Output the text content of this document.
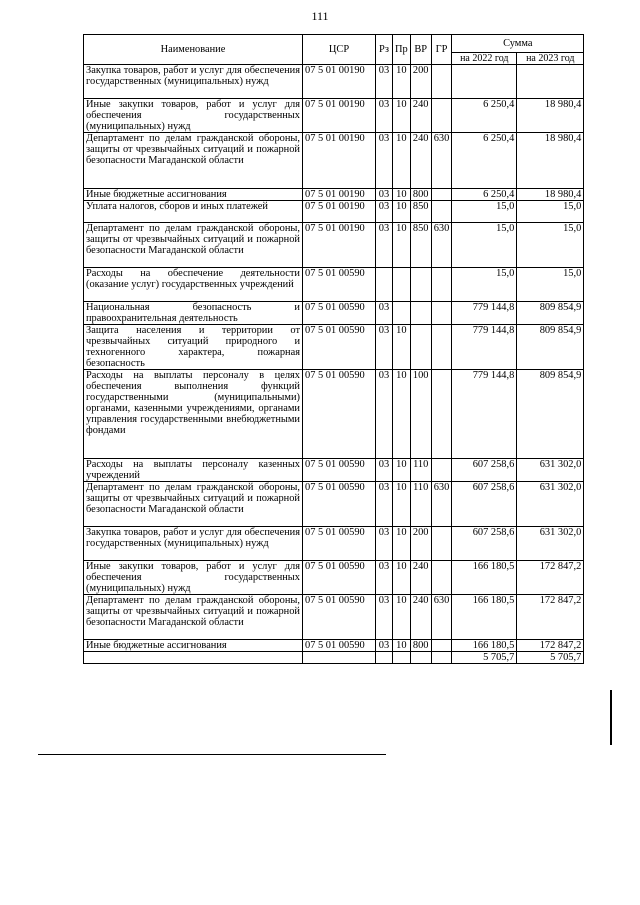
111
Наименование	ЦСР	Рз	Пр	ВР	ГР	Сумма	
						на 2022 год	на 2023 год
Закупка товаров, работ и услуг для обеспечения государственных (муниципальных) нужд	07 5 01 00190	03	10	200			
Иные закупки товаров, работ и услуг для обеспечения государственных (муниципальных) нужд	07 5 01 00190	03	10	240		6 250,4	18 980,4
Департамент по делам гражданской обороны, защиты от чрезвычайных ситуаций и пожарной безопасности Магаданской области	07 5 01 00190	03	10	240	630	6 250,4	18 980,4
Иные бюджетные ассигнования	07 5 01 00190	03	10	800		6 250,4	18 980,4
Уплата налогов, сборов и иных платежей	07 5 01 00190	03	10	850		15,0	15,0
Департамент по делам гражданской обороны, защиты от чрезвычайных ситуаций и пожарной безопасности Магаданской области	07 5 01 00190	03	10	850	630	15,0	15,0
Расходы на обеспечение деятельности (оказание услуг) государственных учреждений	07 5 01 00590					15,0	15,0
Национальная безопасность и правоохранительная деятельность	07 5 01 00590	03				779 144,8	809 854,9
Защита населения и территории от чрезвычайных ситуаций природного и техногенного характера, пожарная безопасность	07 5 01 00590	03	10			779 144,8	809 854,9
Расходы на выплаты персоналу в целях обеспечения выполнения функций государственными (муниципальными) органами, казенными учреждениями, органами управления государственными внебюджетными фондами	07 5 01 00590	03	10	100		779 144,8	809 854,9
Расходы на выплаты персоналу казенных учреждений	07 5 01 00590	03	10	110		607 258,6	631 302,0
Департамент по делам гражданской обороны, защиты от чрезвычайных ситуаций и пожарной безопасности Магаданской области	07 5 01 00590	03	10	110	630	607 258,6	631 302,0
Закупка товаров, работ и услуг для обеспечения государственных (муниципальных) нужд	07 5 01 00590	03	10	200		607 258,6	631 302,0
Иные закупки товаров, работ и услуг для обеспечения государственных (муниципальных) нужд	07 5 01 00590	03	10	240		166 180,5	172 847,2
Департамент по делам гражданской обороны, защиты от чрезвычайных ситуаций и пожарной безопасности Магаданской области	07 5 01 00590	03	10	240	630	166 180,5	172 847,2
Иные бюджетные ассигнования	07 5 01 00590	03	10	800		166 180,5	172 847,2
						5 705,7	5 705,7
